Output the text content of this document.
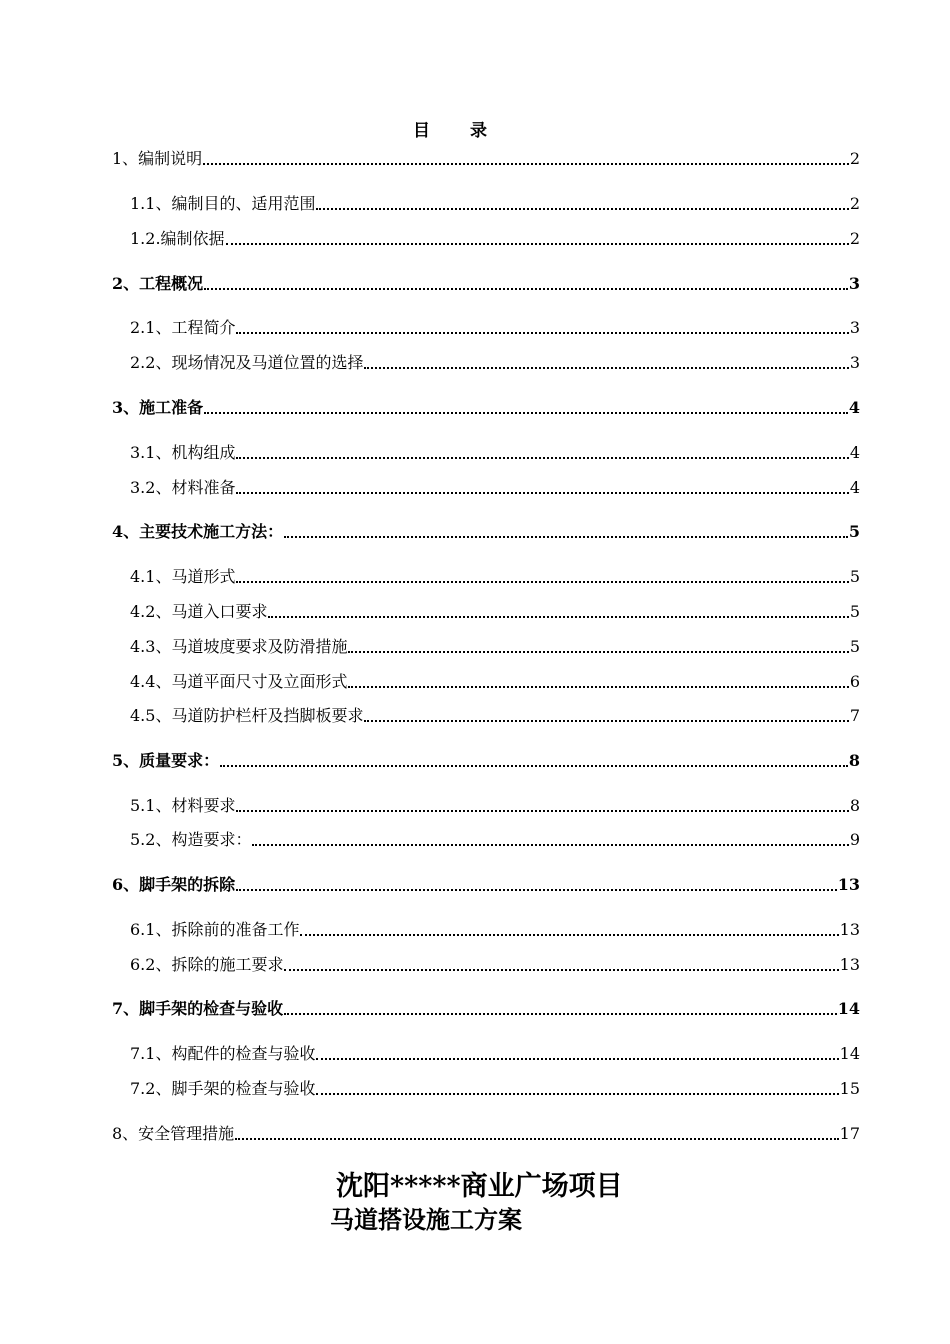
目 录
1、编制说明	2
1.1、编制目的、适用范围	2
1.2.编制依据	2
2、工程概况	3
2.1、工程简介	3
2.2、现场情况及马道位置的选择	3
3、施工准备	4
3.1、机构组成	4
3.2、材料准备	4
4、主要技术施工方法：	5
4.1、马道形式	5
4.2、马道入口要求	5
4.3、马道坡度要求及防滑措施	5
4.4、马道平面尺寸及立面形式	6
4.5、马道防护栏杆及挡脚板要求	7
5、质量要求：	8
5.1、材料要求	8
5.2、构造要求：	9
6、脚手架的拆除	13
6.1、拆除前的准备工作	13
6.2、拆除的施工要求	13
7、脚手架的检查与验收	14
7.1、构配件的检查与验收	14
7.2、脚手架的检查与验收	15
8、安全管理措施	17
沈阳*****商业广场项目
马道搭设施工方案
